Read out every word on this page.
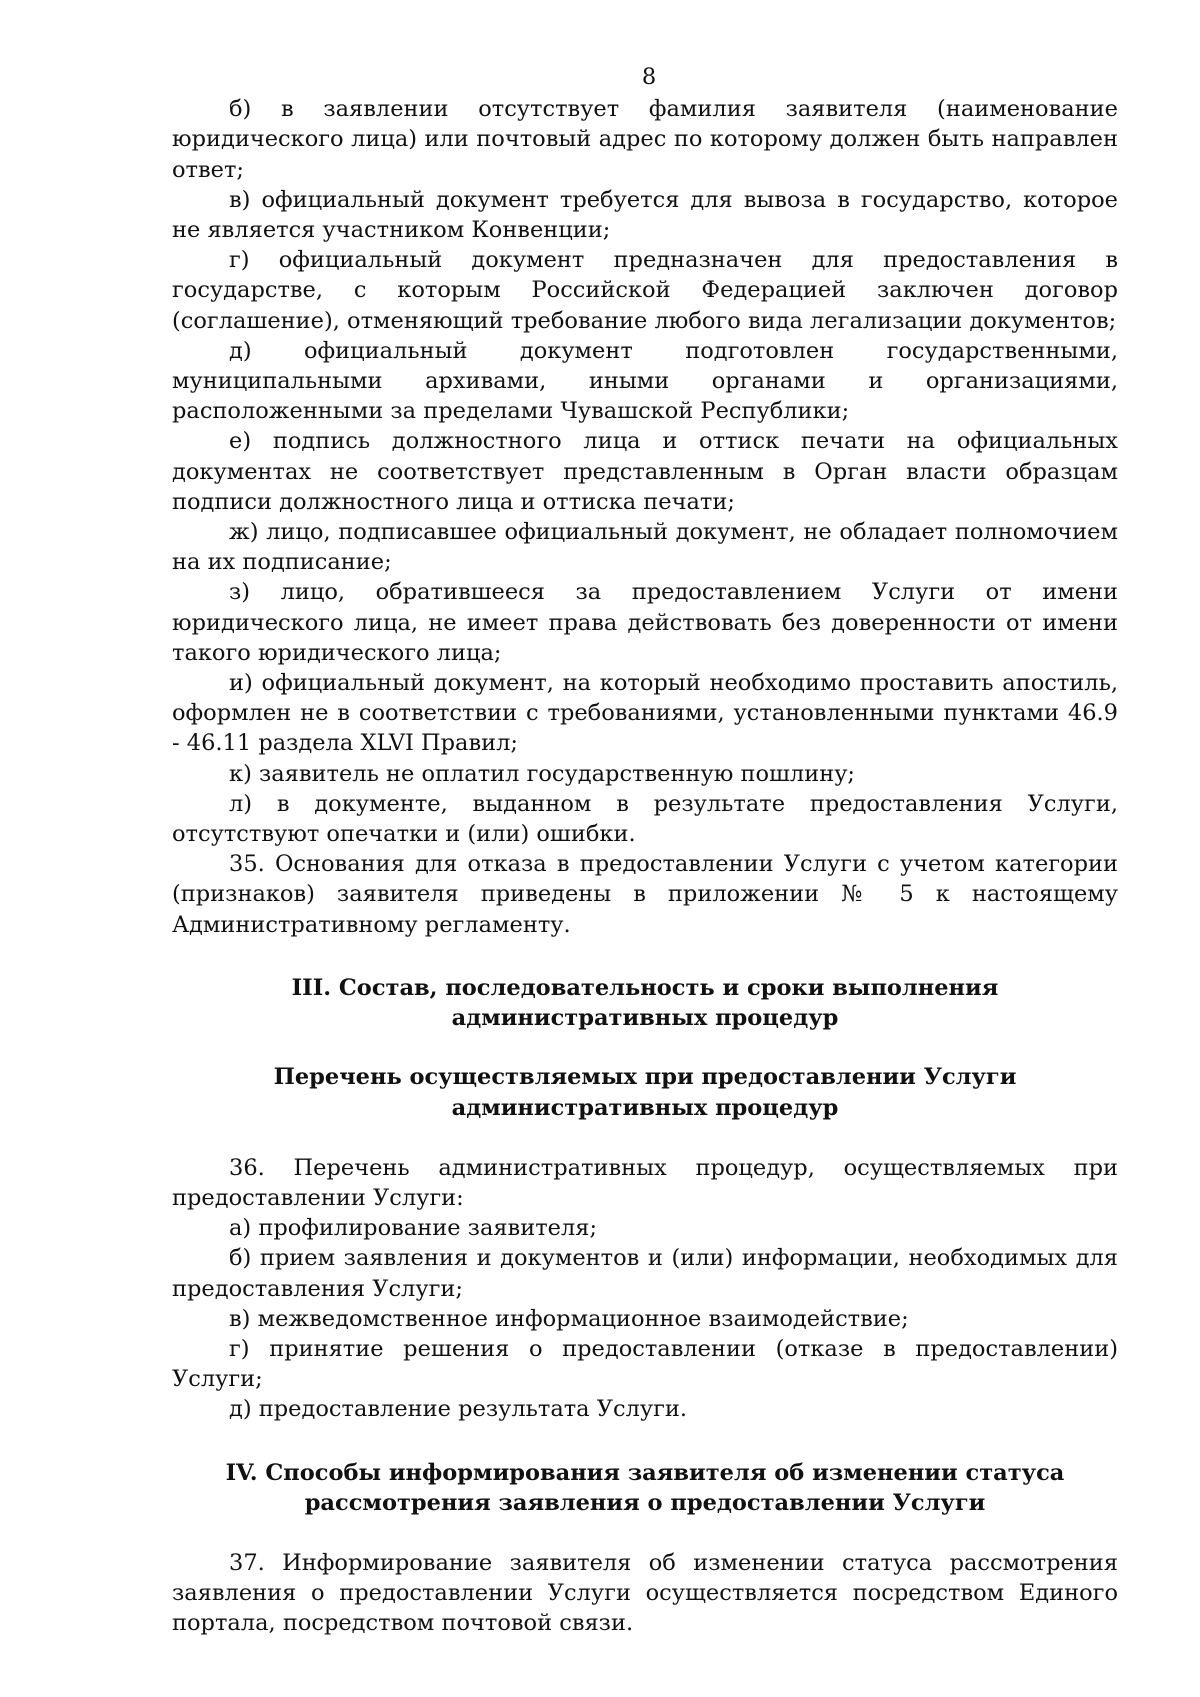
8

б) в заявлении отсутствует фамилия заявителя (наименование юридического лица) или почтовый адрес по которому должен быть направлен ответ;

в) официальный документ требуется для вывоза в государство, которое не является участником Конвенции;

г) официальный документ предназначен для предоставления в государстве, с которым Российской Федерацией заключен договор (соглашение), отменяющий требование любого вида легализации документов;

д) официальный документ подготовлен государственными, муниципальными архивами, иными органами и организациями, расположенными за пределами Чувашской Республики;

е) подпись должностного лица и оттиск печати на официальных документах не соответствует представленным в Орган власти образцам подписи должностного лица и оттиска печати;

ж) лицо, подписавшее официальный документ, не обладает полномочием на их подписание;

з) лицо, обратившееся за предоставлением Услуги от имени юридического лица, не имеет права действовать без доверенности от имени такого юридического лица;

и) официальный документ, на который необходимо проставить апостиль, оформлен не в соответствии с требованиями, установленными пунктами 46.9 - 46.11 раздела XLVI Правил;

к) заявитель не оплатил государственную пошлину;

л) в документе, выданном в результате предоставления Услуги, отсутствуют опечатки и (или) ошибки.

35. Основания для отказа в предоставлении Услуги с учетом категории (признаков) заявителя приведены в приложении № 5 к настоящему Административному регламенту.

III. Состав, последовательность и сроки выполнения
административных процедур
Перечень осуществляемых при предоставлении Услуги
административных процедур

36. Перечень административных процедур, осуществляемых при предоставлении Услуги:

а) профилирование заявителя;

б) прием заявления и документов и (или) информации, необходимых для предоставления Услуги;

в) межведомственное информационное взаимодействие;

г) принятие решения о предоставлении (отказе в предоставлении) Услуги;

д) предоставление результата Услуги.

IV. Способы информирования заявителя об изменении статуса
рассмотрения заявления о предоставлении Услуги

37. Информирование заявителя об изменении статуса рассмотрения заявления о предоставлении Услуги осуществляется посредством Единого портала, посредством почтовой связи.
